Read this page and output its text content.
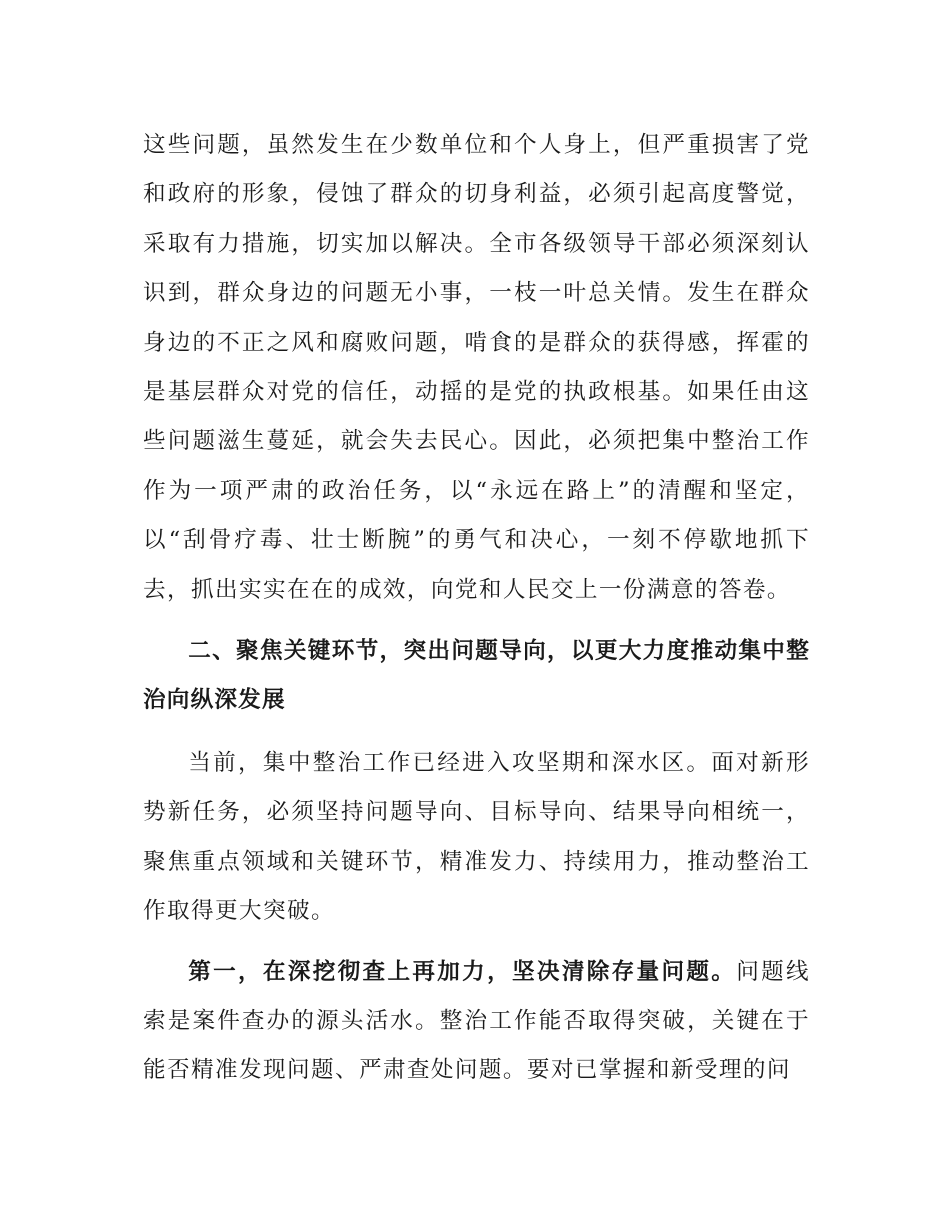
这些问题，虽然发生在少数单位和个人身上，但严重损害了党和政府的形象，侵蚀了群众的切身利益，必须引起高度警觉，采取有力措施，切实加以解决。全市各级领导干部必须深刻认识到，群众身边的问题无小事，一枝一叶总关情。发生在群众身边的不正之风和腐败问题，啃食的是群众的获得感，挥霍的是基层群众对党的信任，动摇的是党的执政根基。如果任由这些问题滋生蔓延，就会失去民心。因此，必须把集中整治工作作为一项严肃的政治任务，以“永远在路上”的清醒和坚定，以“刮骨疗毒、壮士断腕”的勇气和决心，一刻不停歇地抓下去，抓出实实在在的成效，向党和人民交上一份满意的答卷。

二、聚焦关键环节，突出问题导向，以更大力度推动集中整治向纵深发展

当前，集中整治工作已经进入攻坚期和深水区。面对新形势新任务，必须坚持问题导向、目标导向、结果导向相统一，聚焦重点领域和关键环节，精准发力、持续用力，推动整治工作取得更大突破。

第一，在深挖彻查上再加力，坚决清除存量问题。问题线索是案件查办的源头活水。整治工作能否取得突破，关键在于能否精准发现问题、严肃查处问题。要对已掌握和新受理的问
